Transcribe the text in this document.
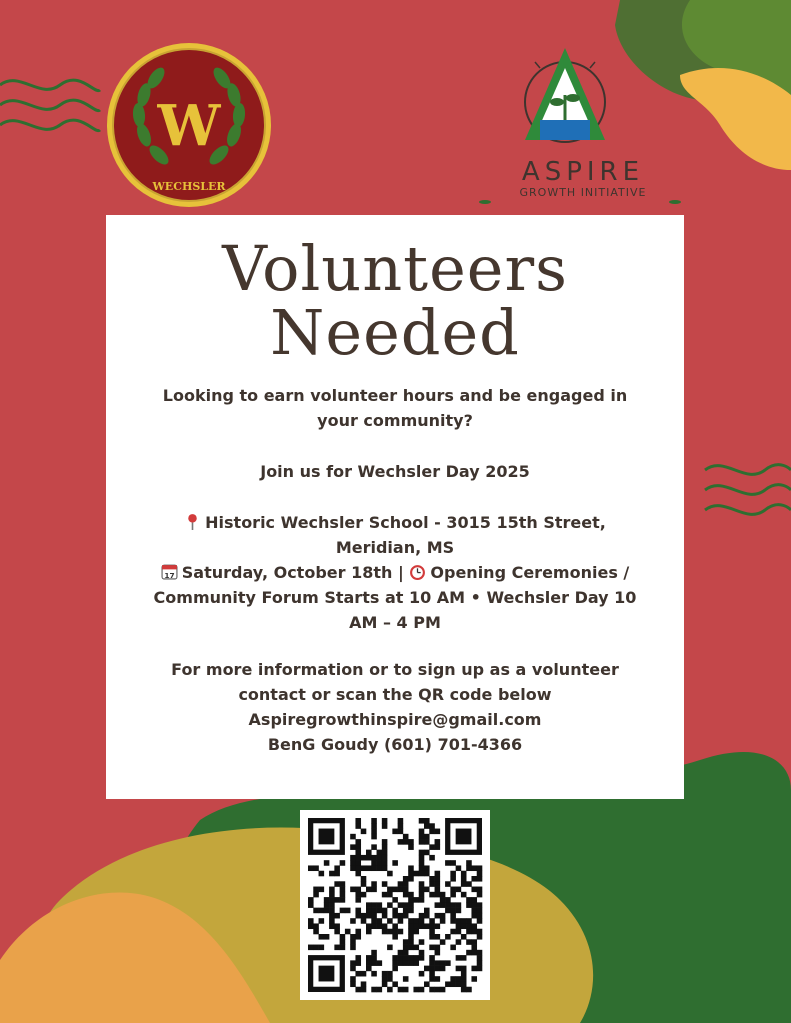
W
WECHSLER	ASPIRE
GROWTH INITIATIVE
Volunteers
Needed
Looking to earn volunteer hours and be engaged in your community?
Join us for Wechsler Day 2025
Historic Wechsler School - 3015 15th Street, Meridian, MS
17 Saturday, October 18th | Opening Ceremonies / Community Forum Starts at 10 AM • Wechsler Day 10 AM – 4 PM
For more information or to sign up as a volunteer contact or scan the QR code below
Aspiregrowthinspire@gmail.com
BenG Goudy (601) 701-4366
